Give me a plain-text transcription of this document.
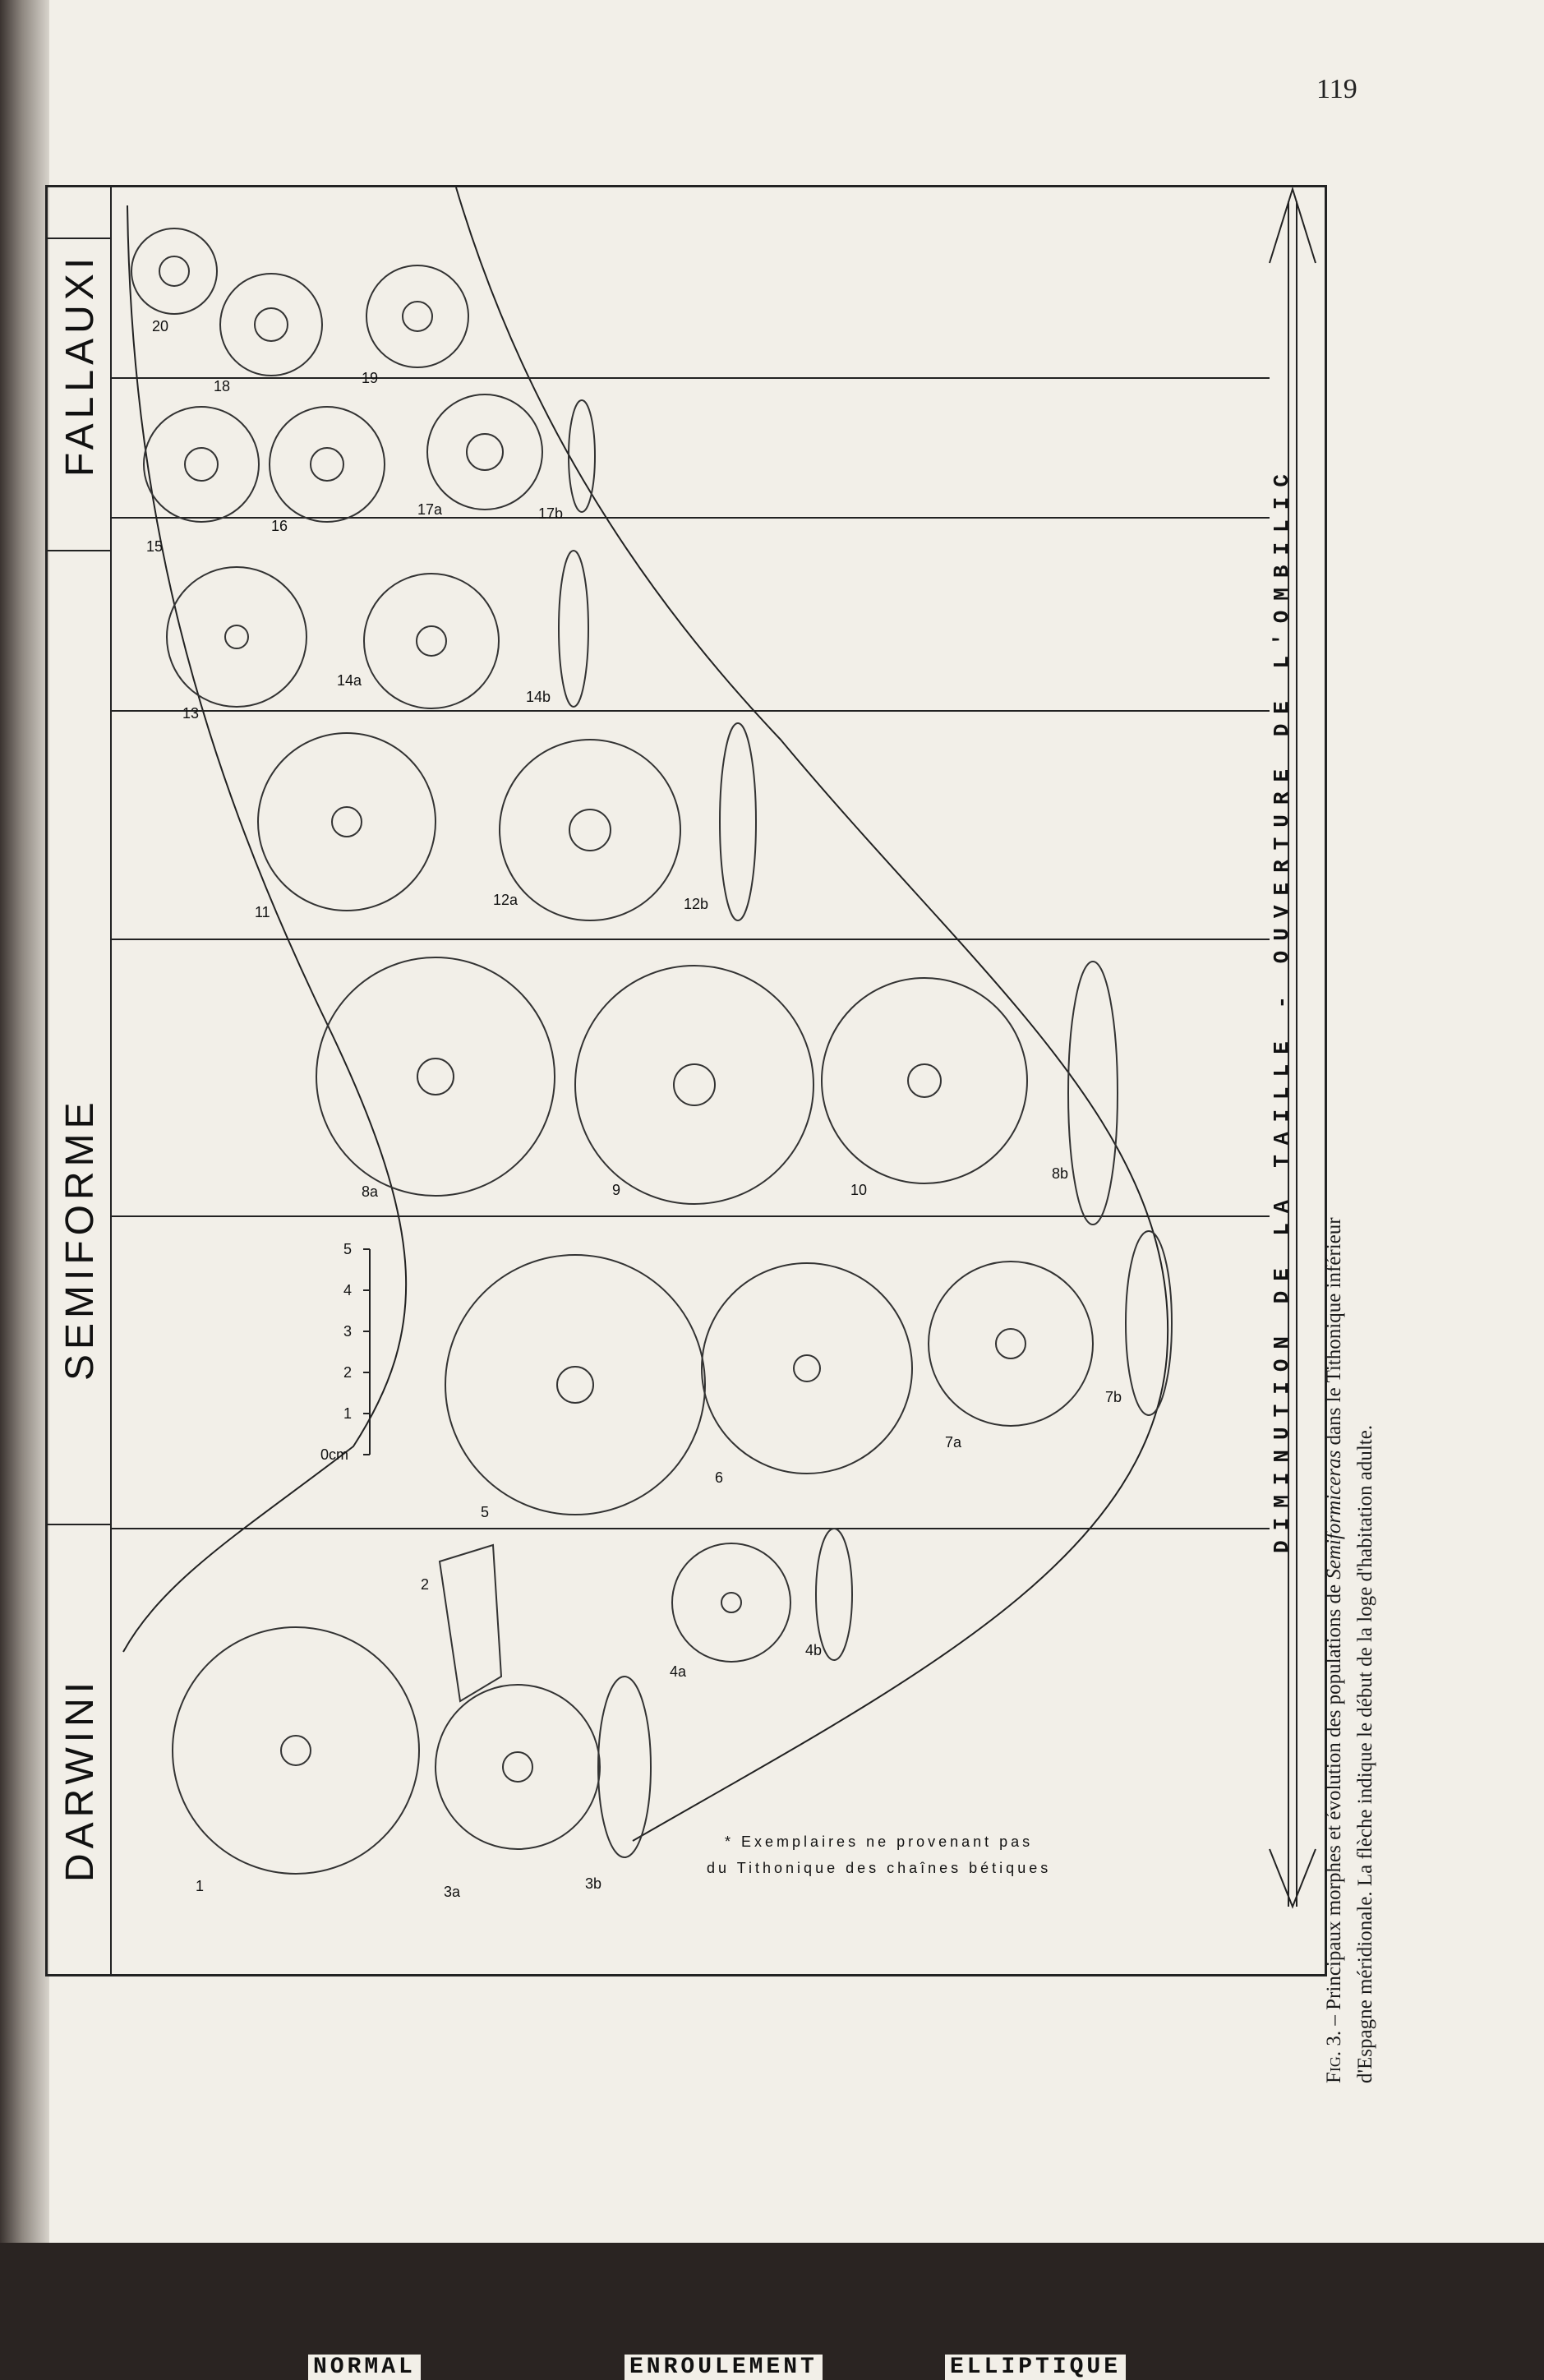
119
FALLAUXI
SEMIFORME
DARWINI
20
18	19
15
16
17a	17b
13
14a
14b
11
12a	12b
8a	9	10
8b
5
6
7a
7b
1
2
3a	3b
4a
4b
5
4
3
2
1
0cm	DIMINUTION DE LA TAILLE - OUVERTURE DE L'OMBILIC
NORMAL	ENROULEMENT	ELLIPTIQUE
* Exemplaires ne provenant pas
du Tithonique des chaînes bétiques
Fig. 3. – Principaux morphes et évolution des populations de Semiformiceras dans le Tithonique inférieur d'Espagne méridionale. La flèche indique le début de la loge d'habitation adulte.
